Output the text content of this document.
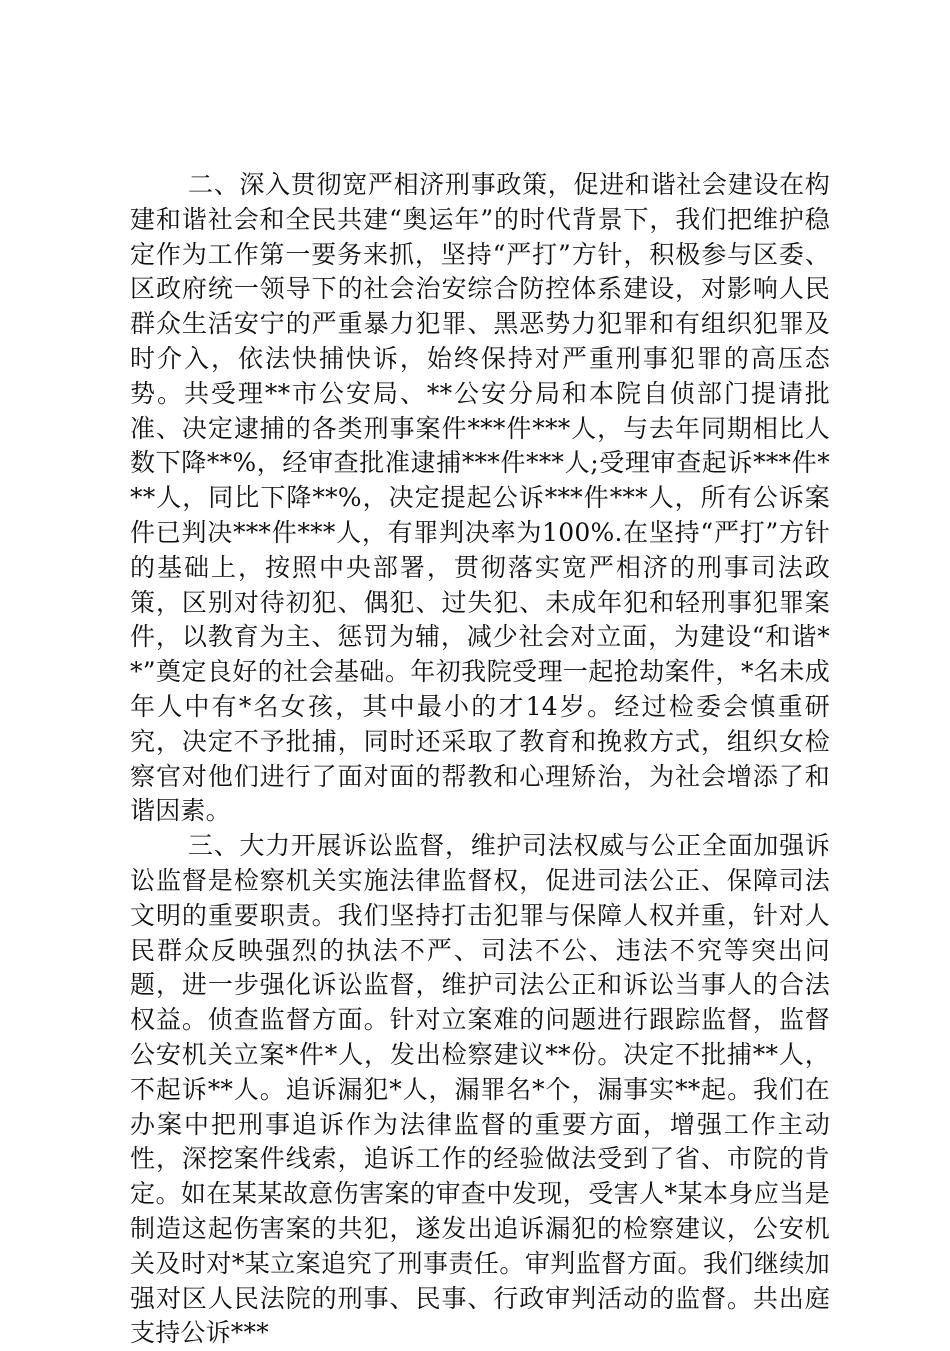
二、深入贯彻宽严相济刑事政策，促进和谐社会建设在构建和谐社会和全民共建“奥运年”的时代背景下，我们把维护稳定作为工作第一要务来抓，坚持“严打”方针，积极参与区委、区政府统一领导下的社会治安综合防控体系建设，对影响人民群众生活安宁的严重暴力犯罪、黑恶势力犯罪和有组织犯罪及时介入，依法快捕快诉，始终保持对严重刑事犯罪的高压态势。共受理**市公安局、**公安分局和本院自侦部门提请批准、决定逮捕的各类刑事案件***件***人，与去年同期相比人数下降**%，经审查批准逮捕***件***人;受理审查起诉***件***人，同比下降**%，决定提起公诉***件***人，所有公诉案件已判决***件***人，有罪判决率为100%.在坚持“严打”方针的基础上，按照中央部署，贯彻落实宽严相济的刑事司法政策，区别对待初犯、偶犯、过失犯、未成年犯和轻刑事犯罪案件，以教育为主、惩罚为辅，减少社会对立面，为建设“和谐**”奠定良好的社会基础。年初我院受理一起抢劫案件，*名未成年人中有*名女孩，其中最小的才14岁。经过检委会慎重研究，决定不予批捕，同时还采取了教育和挽救方式，组织女检察官对他们进行了面对面的帮教和心理矫治，为社会增添了和谐因素。

三、大力开展诉讼监督，维护司法权威与公正全面加强诉讼监督是检察机关实施法律监督权，促进司法公正、保障司法文明的重要职责。我们坚持打击犯罪与保障人权并重，针对人民群众反映强烈的执法不严、司法不公、违法不究等突出问题，进一步强化诉讼监督，维护司法公正和诉讼当事人的合法权益。侦查监督方面。针对立案难的问题进行跟踪监督，监督公安机关立案*件*人，发出检察建议**份。决定不批捕**人，不起诉**人。追诉漏犯*人，漏罪名*个，漏事实**起。我们在办案中把刑事追诉作为法律监督的重要方面，增强工作主动性，深挖案件线索，追诉工作的经验做法受到了省、市院的肯定。如在某某故意伤害案的审查中发现，受害人*某本身应当是制造这起伤害案的共犯，遂发出追诉漏犯的检察建议，公安机关及时对*某立案追究了刑事责任。审判监督方面。我们继续加强对区人民法院的刑事、民事、行政审判活动的监督。共出庭支持公诉***
